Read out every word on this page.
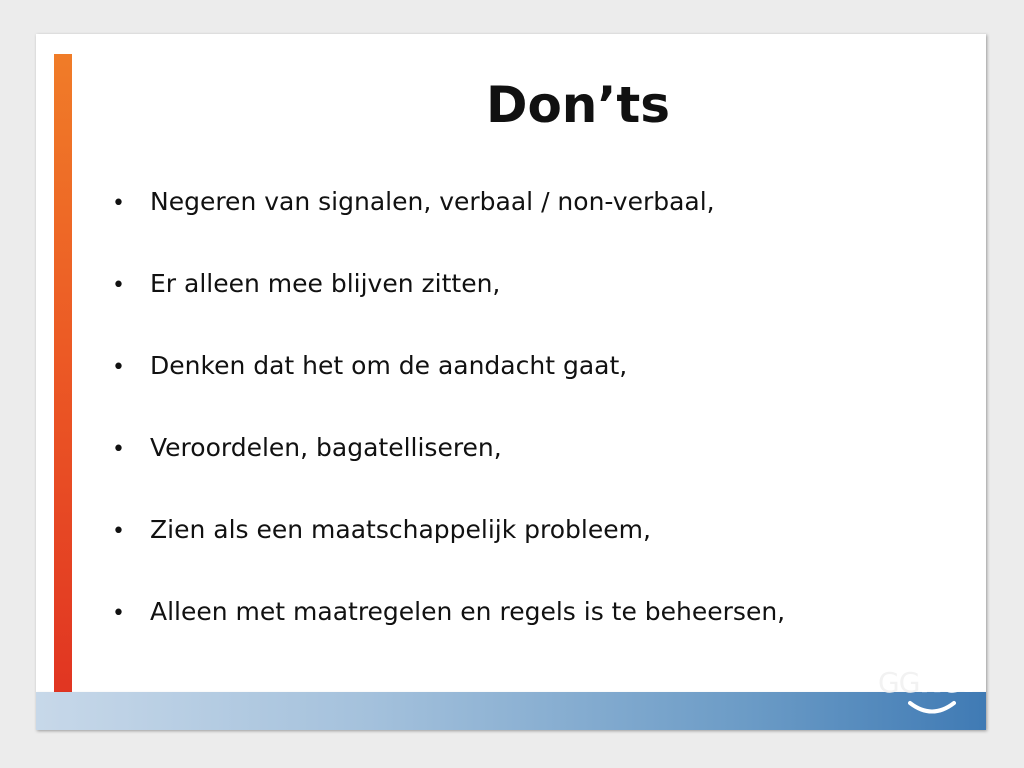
Don’ts
• Negeren van signalen, verbaal / non-verbaal,
• Er alleen mee blijven zitten,
• Denken dat het om de aandacht gaat,
• Veroordelen, bagatelliseren,
• Zien als een maatschappelijk probleem,
• Alleen met maatregelen en regels is te beheersen,
GGNet
